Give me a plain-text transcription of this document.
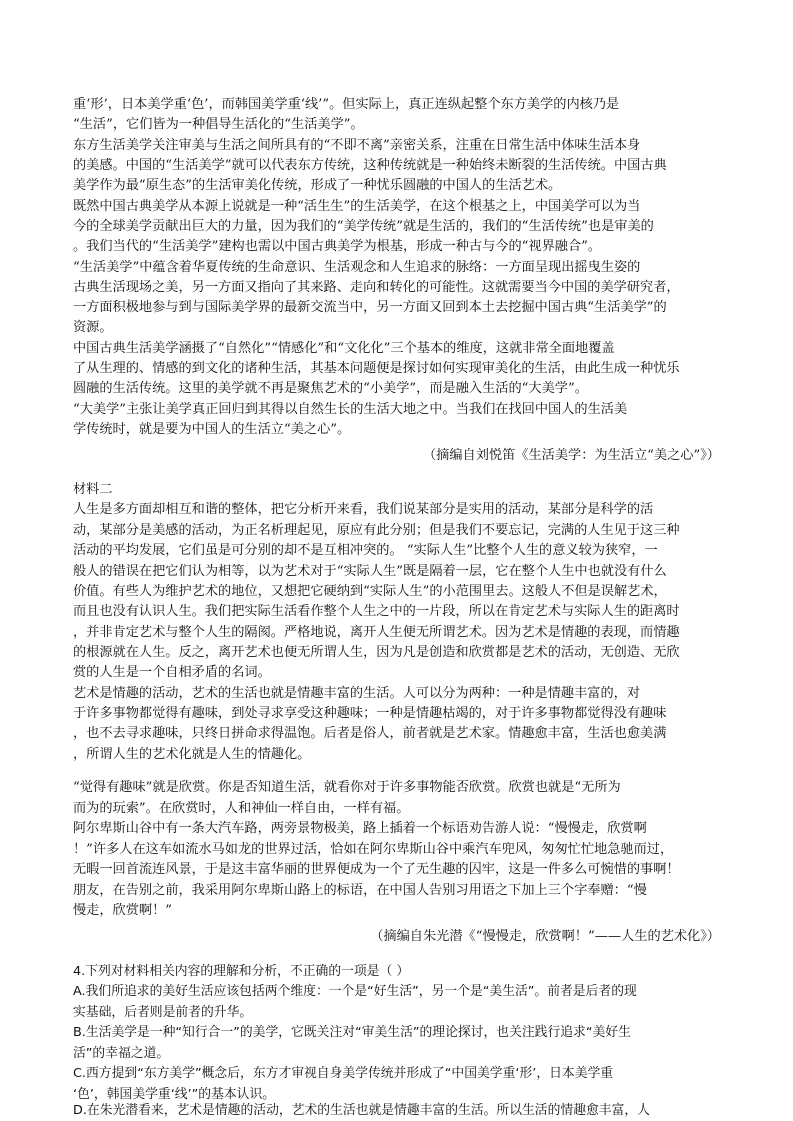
重‘形’，日本美学重‘色’，而韩国美学重‘线’”。但实际上，真正连纵起整个东方美学的内核乃是
“生活”，它们皆为一种倡导生活化的“生活美学”。
东方生活美学关注审美与生活之间所具有的“不即不离”亲密关系，注重在日常生活中体味生活本身
的美感。中国的“生活美学”就可以代表东方传统，这种传统就是一种始终未断裂的生活传统。中国古典
美学作为最“原生态”的生活审美化传统，形成了一种忧乐圆融的中国人的生活艺术。
既然中国古典美学从本源上说就是一种“活生生”的生活美学，在这个根基之上，中国美学可以为当
今的全球美学贡献出巨大的力量，因为我们的“美学传统”就是生活的，我们的“生活传统”也是审美的
。我们当代的“生活美学”建构也需以中国古典美学为根基，形成一种古与今的“视界融合”。
“生活美学”中蕴含着华夏传统的生命意识、生活观念和人生追求的脉络：一方面呈现出摇曳生姿的
古典生活现场之美，另一方面又指向了其来路、走向和转化的可能性。这就需要当今中国的美学研究者，
一方面积极地参与到与国际美学界的最新交流当中，另一方面又回到本土去挖掘中国古典“生活美学”的
资源。
中国古典生活美学涵摄了“自然化”“情感化”和“文化化”三个基本的维度，这就非常全面地覆盖
了从生理的、情感的到文化的诸种生活，其基本问题便是探讨如何实现审美化的生活，由此生成一种忧乐
圆融的生活传统。这里的美学就不再是聚焦艺术的“小美学”，而是融入生活的“大美学”。
“大美学”主张让美学真正回归到其得以自然生长的生活大地之中。当我们在找回中国人的生活美
学传统时，就是要为中国人的生活立“美之心”。
（摘编自刘悦笛《生活美学：为生活立“美之心”》）
材料二
人生是多方面却相互和谐的整体，把它分析开来看，我们说某部分是实用的活动，某部分是科学的活
动，某部分是美感的活动，为正名析理起见，原应有此分别；但是我们不要忘记，完满的人生见于这三种
活动的平均发展，它们虽是可分别的却不是互相冲突的。 “实际人生”比整个人生的意义较为狭窄，一
般人的错误在把它们认为相等，以为艺术对于“实际人生”既是隔着一层，它在整个人生中也就没有什么
价值。有些人为维护艺术的地位，又想把它硬纳到“实际人生”的小范围里去。这般人不但是误解艺术，
而且也没有认识人生。我们把实际生活看作整个人生之中的一片段，所以在肯定艺术与实际人生的距离时
，并非肯定艺术与整个人生的隔阂。严格地说，离开人生便无所谓艺术。因为艺术是情趣的表现，而情趣
的根源就在人生。反之，离开艺术也便无所谓人生，因为凡是创造和欣赏都是艺术的活动，无创造、无欣
赏的人生是一个自相矛盾的名词。
艺术是情趣的活动，艺术的生活也就是情趣丰富的生活。人可以分为两种：一种是情趣丰富的，对
于许多事物都觉得有趣味，到处寻求享受这种趣味；一种是情趣枯竭的，对于许多事物都觉得没有趣味
，也不去寻求趣味，只终日拼命求得温饱。后者是俗人，前者就是艺术家。情趣愈丰富，生活也愈美满
，所谓人生的艺术化就是人生的情趣化。
“觉得有趣味”就是欣赏。你是否知道生活，就看你对于许多事物能否欣赏。欣赏也就是“无所为
而为的玩索”。在欣赏时，人和神仙一样自由，一样有福。
阿尔卑斯山谷中有一条大汽车路，两旁景物极美，路上插着一个标语劝告游人说：“慢慢走，欣赏啊
！”许多人在这车如流水马如龙的世界过活，恰如在阿尔卑斯山谷中乘汽车兜风，匆匆忙忙地急驰而过，
无暇一回首流连风景，于是这丰富华丽的世界便成为一个了无生趣的囚牢，这是一件多么可惋惜的事啊！
朋友，在告别之前，我采用阿尔卑斯山路上的标语，在中国人告别习用语之下加上三个字奉赠：“慢
慢走，欣赏啊！”
（摘编自朱光潜《“慢慢走，欣赏啊！”——人生的艺术化》）
4.下列对材料相关内容的理解和分析，不正确的一项是（ ）
A.我们所追求的美好生活应该包括两个维度：一个是“好生活”，另一个是“美生活”。前者是后者的现
实基础，后者则是前者的升华。
B.生活美学是一种“知行合一”的美学，它既关注对“审美生活”的理论探讨，也关注践行追求“美好生
活”的幸福之道。
C.西方提到“东方美学”概念后，东方才审视自身美学传统并形成了“中国美学重‘形’，日本美学重
‘色’，韩国美学重‘线’”的基本认识。
D.在朱光潜看来，艺术是情趣的活动，艺术的生活也就是情趣丰富的生活。所以生活的情趣愈丰富，人
